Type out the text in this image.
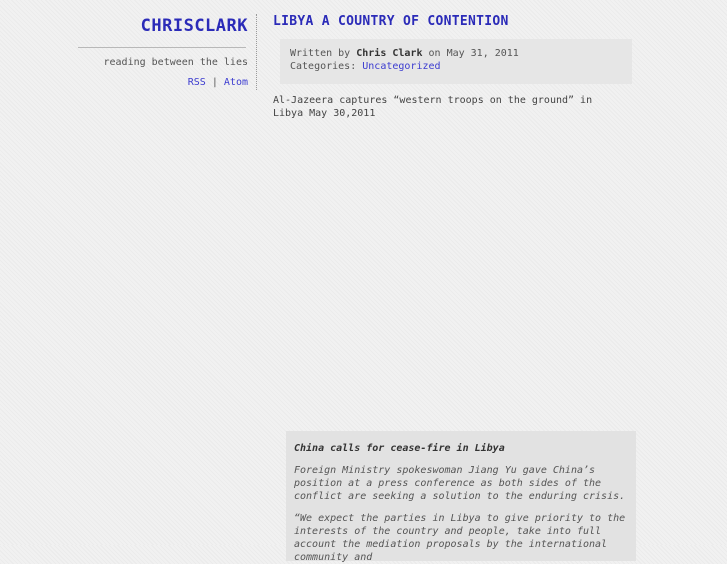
CHRISCLARK
reading between the lies
RSS | Atom
LIBYA A COUNTRY OF CONTENTION
Written by Chris Clark on May 31, 2011
Categories: Uncategorized
Al-Jazeera captures “western troops on the ground” in Libya May 30,2011
China calls for cease-fire in Libya

Foreign Ministry spokeswoman Jiang Yu gave China’s position at a press conference as both sides of the conflict are seeking a solution to the enduring crisis.

“We expect the parties in Libya to give priority to the interests of the country and people, take into full account the mediation proposals by the international community and
